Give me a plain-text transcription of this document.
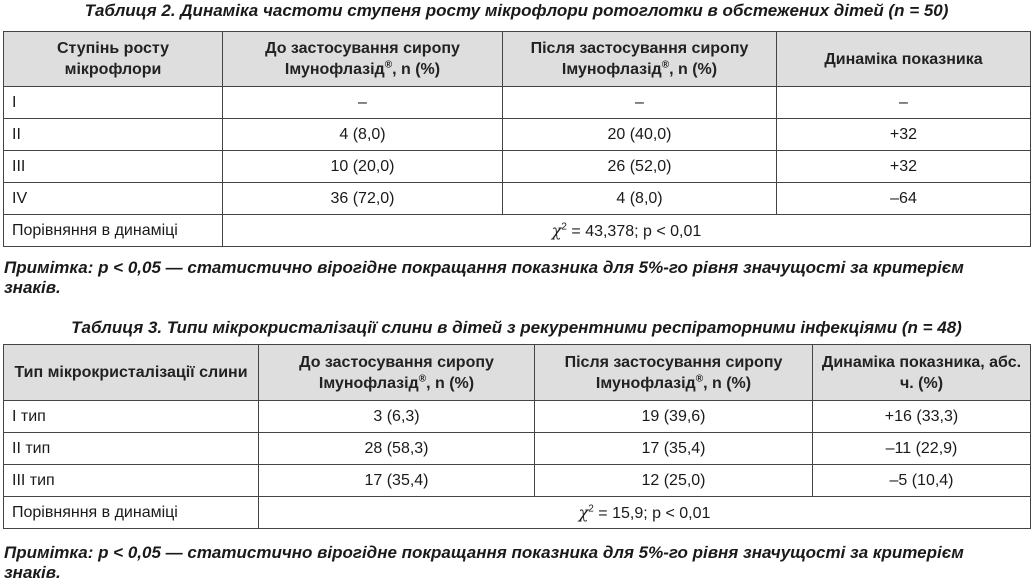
Таблиця 2. Динаміка частоти ступеня росту мікрофлори ротоглотки в обстежених дітей (n = 50)
Ступінь росту мікрофлори	До застосування сиропу Імунофлазід®, n (%)	Після застосування сиропу Імунофлазід®, n (%)	Динаміка показника
I	–	–	–
II	4 (8,0)	20 (40,0)	+32
III	10 (20,0)	26 (52,0)	+32
IV	36 (72,0)	4 (8,0)	–64
Порівняння в динаміці	$\chi^2 = 43,378$; p < 0,01		
Примітка: p < 0,05 — статистично вірогідне покращання показника для 5%-го рівня значущості за критерієм знаків.
Таблиця 3. Типи мікрокристалізації слини в дітей з рекурентними респіраторними інфекціями (n = 48)
Тип мікрокристалізації слини	До застосування сиропу Імунофлазід®, n (%)	Після застосування сиропу Імунофлазід®, n (%)	Динаміка показника, абс. ч. (%)
I тип	3 (6,3)	19 (39,6)	+16 (33,3)
II тип	28 (58,3)	17 (35,4)	–11 (22,9)
III тип	17 (35,4)	12 (25,0)	–5 (10,4)
Порівняння в динаміці	$\chi^2 = 15,9$; p < 0,01		
Примітка: p < 0,05 — статистично вірогідне покращання показника для 5%-го рівня значущості за критерієм знаків.
